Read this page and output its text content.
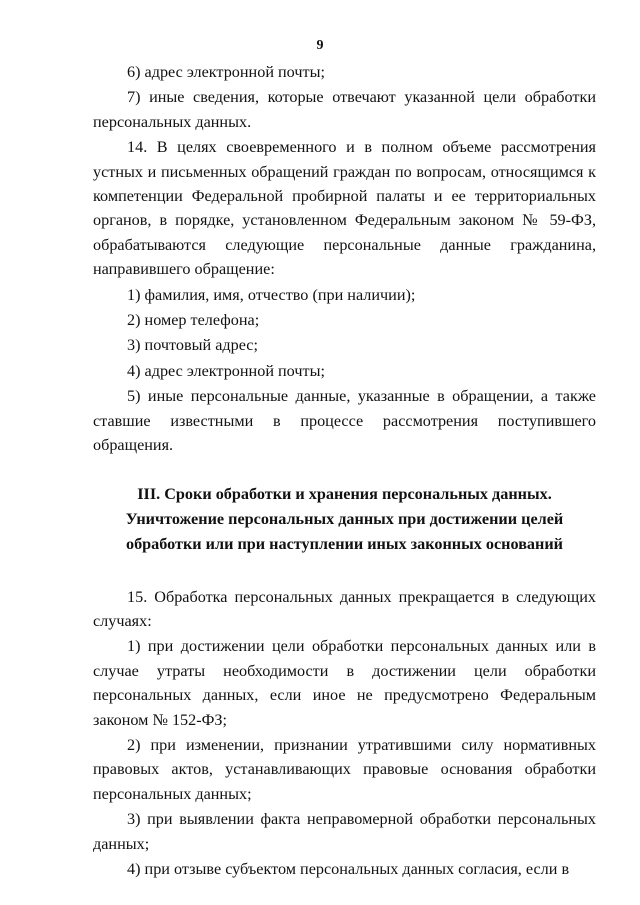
9

6) адрес электронной почты;

7) иные сведения, которые отвечают указанной цели обработки персональных данных.

14. В целях своевременного и в полном объеме рассмотрения устных и письменных обращений граждан по вопросам, относящимся к компетенции Федеральной пробирной палаты и ее территориальных органов, в порядке, установленном Федеральным законом № 59-ФЗ, обрабатываются следующие персональные данные гражданина, направившего обращение:

1) фамилия, имя, отчество (при наличии);

2) номер телефона;

3) почтовый адрес;

4) адрес электронной почты;

5) иные персональные данные, указанные в обращении, а также ставшие известными в процессе рассмотрения поступившего обращения.

III. Сроки обработки и хранения персональных данных.

Уничтожение персональных данных при достижении целей

обработки или при наступлении иных законных оснований

15. Обработка персональных данных прекращается в следующих случаях:

1) при достижении цели обработки персональных данных или в случае утраты необходимости в достижении цели обработки персональных данных, если иное не предусмотрено Федеральным законом № 152-ФЗ;

2) при изменении, признании утратившими силу нормативных правовых актов, устанавливающих правовые основания обработки персональных данных;

3) при выявлении факта неправомерной обработки персональных данных;

4) при отзыве субъектом персональных данных согласия, если в
